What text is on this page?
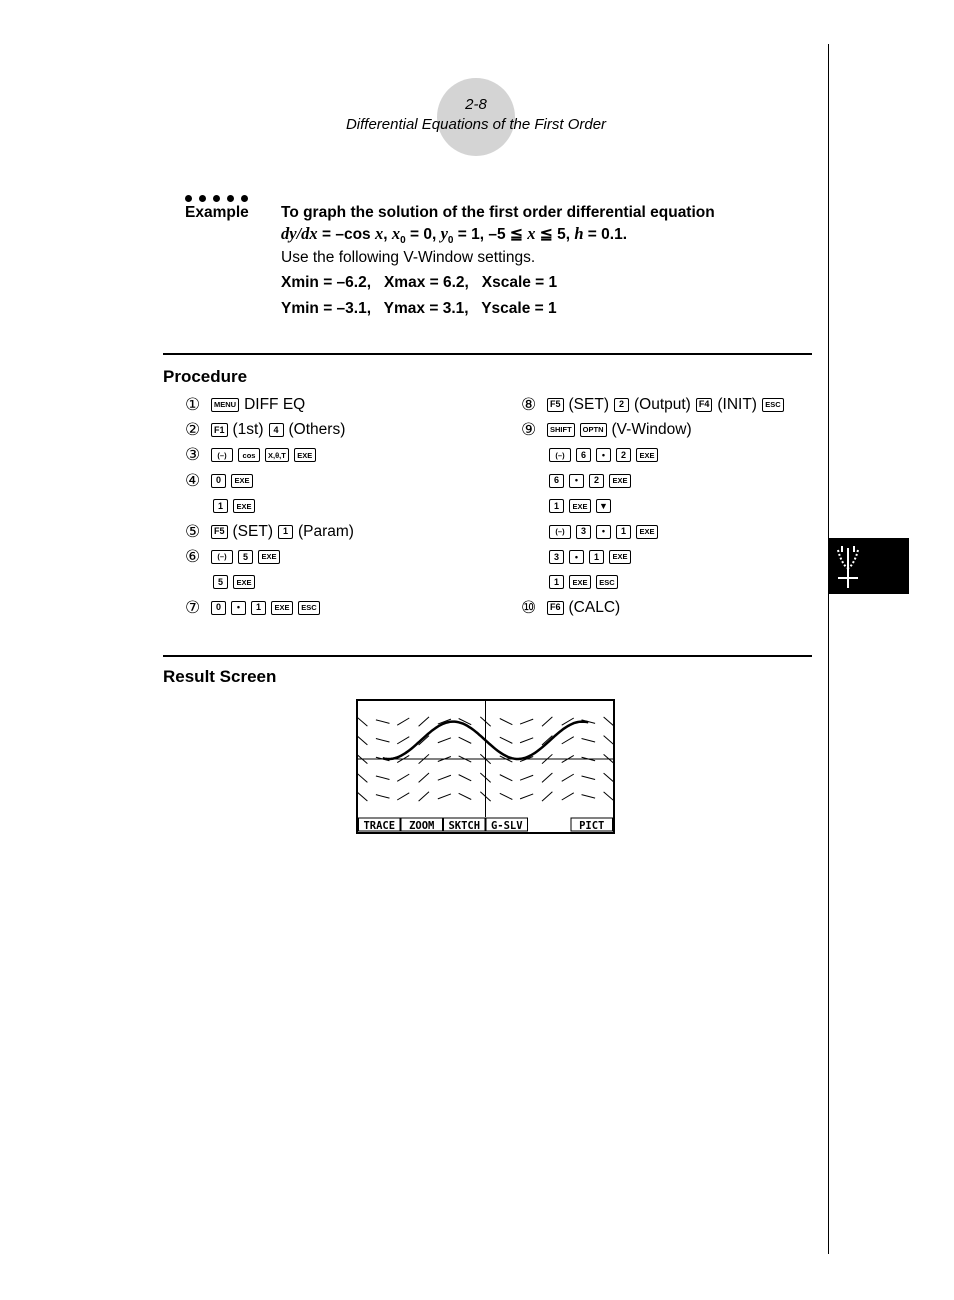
2-8
Differential Equations of the First Order
Example To graph the solution of the first order differential equation
dy/dx = –cos x, $x_0 = 0$, $y_0 = 1$, –5 ≦ x ≦ 5, h = 0.1.
Use the following V-Window settings.
Xmin = –6.2,   Xmax = 6.2,   Xscale = 1
Ymin = –3.1,   Ymax = 3.1,   Yscale = 1
Procedure
①	MENU DIFF EQ
②	F1 (1st)	4 (Others)
③	(–)	cos	X,θ,T	EXE
④	0	EXE
1	EXE
⑤	F5 (SET)	1 (Param)
⑥	(–)	5	EXE
5	EXE
⑦	0	•	1	EXE	ESC
⑧	F5 (SET)	2 (Output) F4 (INIT)	ESC
⑨	SHIFT	OPTN (V-Window)
(–)	6	•	2	EXE
6	•	2	EXE
1	EXE	▼
(–)	3	•	1	EXE
3	•	1	EXE
1	EXE	ESC
⑩	F6 (CALC)
Result Screen
TRACE ZOOM SKTCH G-SLV	PICT
